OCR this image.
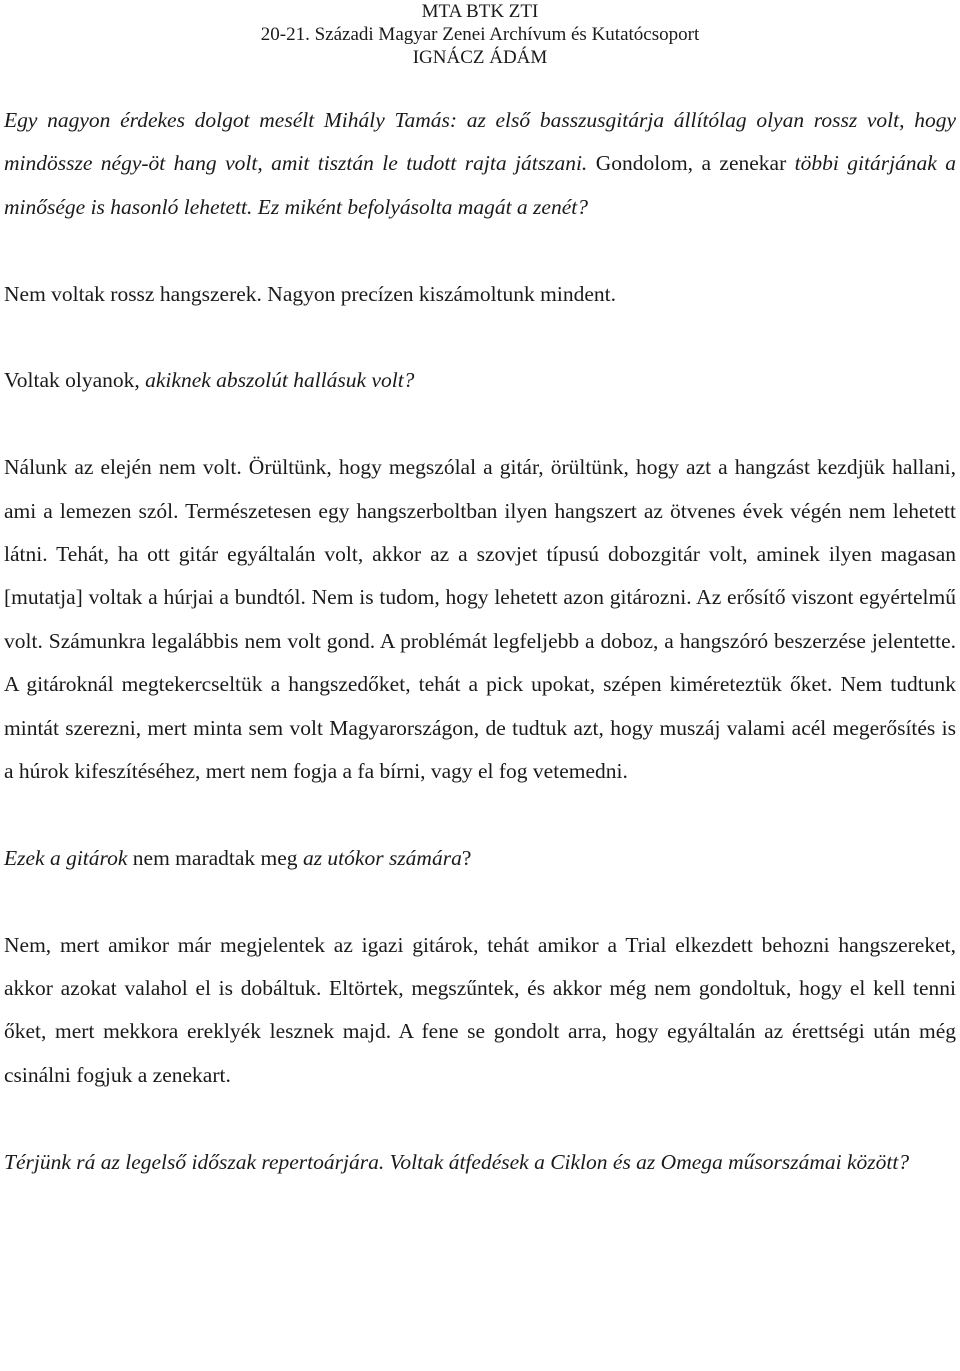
MTA BTK ZTI
20-21. Századi Magyar Zenei Archívum és Kutatócsoport
IGNÁCZ ÁDÁM

Egy nagyon érdekes dolgot mesélt Mihály Tamás: az első basszusgitárja állítólag olyan rossz volt, hogy mindössze négy-öt hang volt, amit tisztán le tudott rajta játszani. Gondolom, a zenekar többi gitárjának a minősége is hasonló lehetett. Ez miként befolyásolta magát a zenét?

Nem voltak rossz hangszerek. Nagyon precízen kiszámoltunk mindent.

Voltak olyanok, akiknek abszolút hallásuk volt?

Nálunk az elején nem volt. Örültünk, hogy megszólal a gitár, örültünk, hogy azt a hangzást kezdjük hallani, ami a lemezen szól. Természetesen egy hangszerboltban ilyen hangszert az ötvenes évek végén nem lehetett látni. Tehát, ha ott gitár egyáltalán volt, akkor az a szovjet típusú dobozgitár volt, aminek ilyen magasan [mutatja] voltak a húrjai a bundtól. Nem is tudom, hogy lehetett azon gitározni. Az erősítő viszont egyértelmű volt. Számunkra legalábbis nem volt gond. A problémát legfeljebb a doboz, a hangszóró beszerzése jelentette. A gitároknál megtekercseltük a hangszedőket, tehát a pick upokat, szépen kiméreteztük őket. Nem tudtunk mintát szerezni, mert minta sem volt Magyarországon, de tudtuk azt, hogy muszáj valami acél megerősítés is a húrok kifeszítéséhez, mert nem fogja a fa bírni, vagy el fog vetemedni.

Ezek a gitárok nem maradtak meg az utókor számára?

Nem, mert amikor már megjelentek az igazi gitárok, tehát amikor a Trial elkezdett behozni hangszereket, akkor azokat valahol el is dobáltuk. Eltörtek, megszűntek, és akkor még nem gondoltuk, hogy el kell tenni őket, mert mekkora ereklyék lesznek majd. A fene se gondolt arra, hogy egyáltalán az érettségi után még csinálni fogjuk a zenekart.

Térjünk rá az legelső időszak repertoárjára. Voltak átfedések a Ciklon és az Omega műsorszámai között?
